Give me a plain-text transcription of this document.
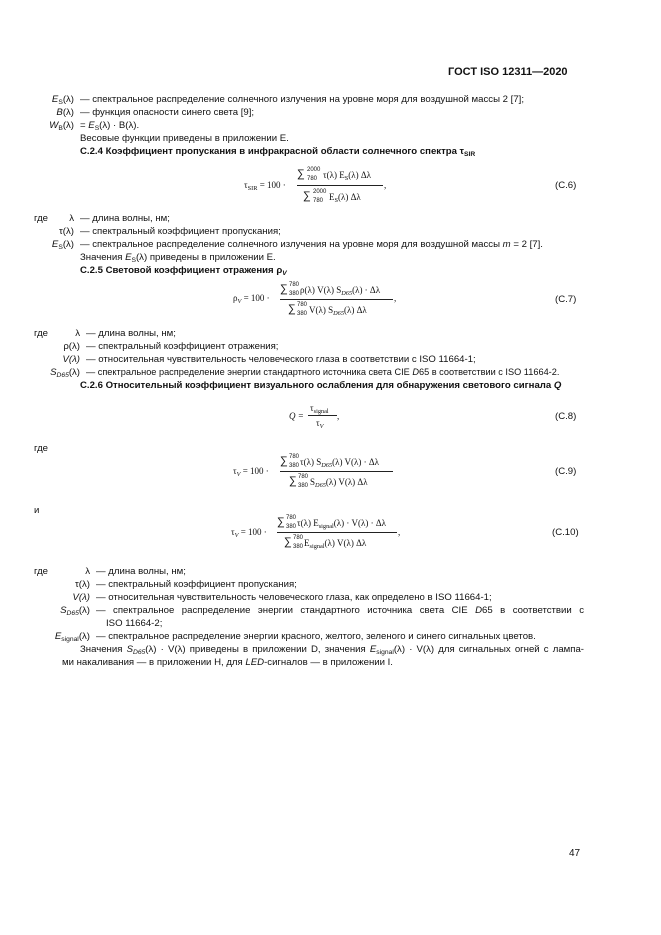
ГОСТ ISO 12311—2020
$E_S(\lambda)$ — спектральное распределение солнечного излучения на уровне моря для воздушной массы 2 [7];
B(λ) — функция опасности синего света [9];
$W_B(\lambda) = E_S(\lambda) \cdot B(\lambda)$.
Весовые функции приведены в приложении E.
C.2.4 Коэффициент пропускания в инфракрасной области солнечного спектра $\tau_{SIR}$
$\tau_{SIR} = 100$ ·
∑ 2000
780 τ(λ) $E_S(\lambda)$ Δλ
∑ 2000
780 $E_S(\lambda)$ Δλ
,	(C.6)
где	λ — длина волны, нм;
τ(λ) — спектральный коэффициент пропускания;
$E_S(\lambda)$ — спектральное распределение солнечного излучения на уровне моря для воздушной массы m = 2 [7].
Значения $E_S(\lambda)$ приведены в приложении E.
C.2.5 Световой коэффициент отражения $\rho_V$
$\rho_V = 100$ ·
∑ 780
380 ρ(λ) V(λ) $S_{D65}(\lambda) \cdot \Delta\lambda$
∑ 780
380 V(λ) $S_{D65}(\lambda)$ Δλ
,	(C.7)
где	λ — длина волны, нм;
ρ(λ) — спектральный коэффициент отражения;
V(λ) — относительная чувствительность человеческого глаза в соответствии с ISO 11664-1;
$S_{D65}(\lambda)$ — спектральное распределение энергии стандартного источника света CIE D65 в соответствии с ISO 11664-2.
C.2.6 Относительный коэффициент визуального ослабления для обнаружения светового сигнала Q
Q =
$\tau_{signal}$
$\tau_V$
,	(C.8)
где
$\tau_V = 100$ ·
∑ 780
380 τ(λ) $S_{D65}(\lambda) V(\lambda) \cdot \Delta\lambda$
∑ 780
380 $S_{D65}(\lambda)$ V(λ) Δλ
(C.9)
и
$\tau_V = 100$ ·
∑ 780
380 τ(λ) $E_{signal}(\lambda) \cdot V(\lambda) \cdot \Delta\lambda$
∑ 780
380 $E_{signal}(\lambda)$ V(λ) Δλ
,	(C.10)
где	λ — длина волны, нм;
τ(λ) — спектральный коэффициент пропускания;
V(λ) — относительная чувствительность человеческого глаза, как определено в ISO 11664-1;
$S_{D65}(\lambda)$ — спектральное распределение энергии стандартного источника света CIE D65 в соответствии с
ISO 11664-2;
$E_{signal}(\lambda)$ — спектральное распределение энергии красного, желтого, зеленого и синего сигнальных цветов.
Значения $S_{D65}(\lambda) \cdot V(\lambda)$ приведены в приложении D, значения $E_{signal}(\lambda) \cdot V(\lambda)$ для сигнальных огней с лампа-
ми накаливания — в приложении H, для LED-сигналов — в приложении I.
47
